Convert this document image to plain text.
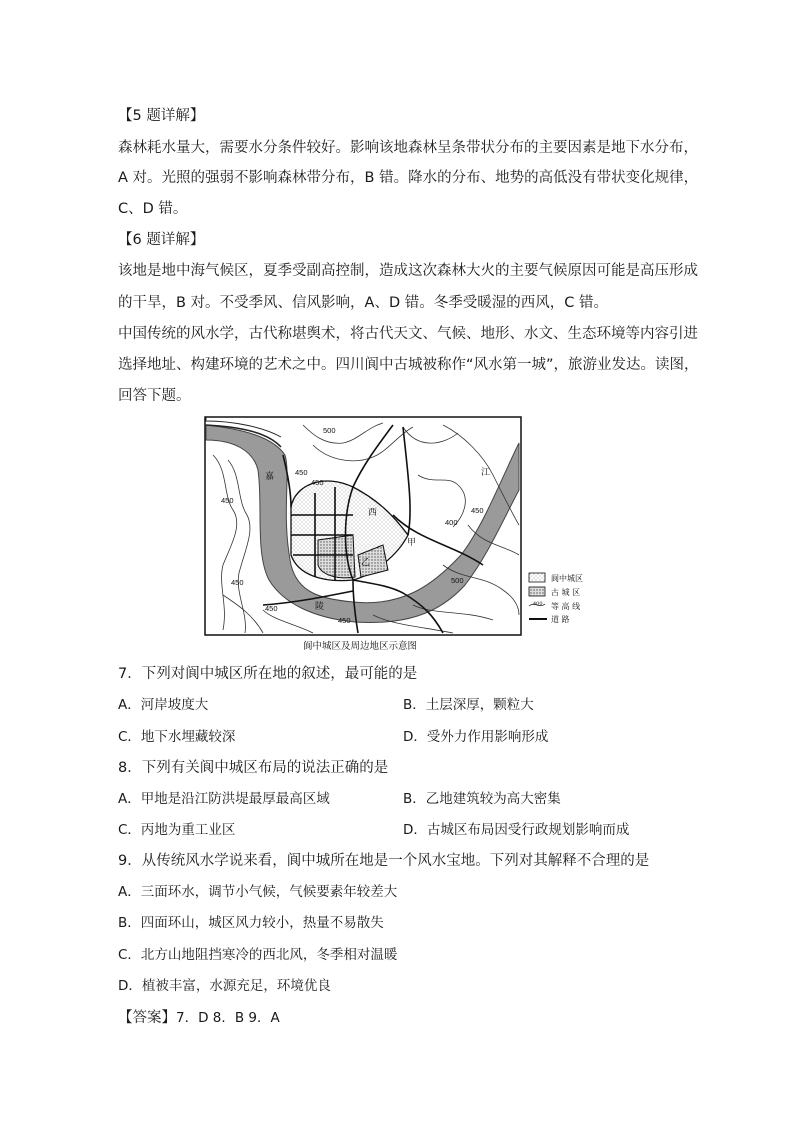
【5 题详解】
森林耗水量大，需要水分条件较好。影响该地森林呈条带状分布的主要因素是地下水分布，
A 对。光照的强弱不影响森林带分布，B 错。降水的分布、地势的高低没有带状变化规律，
C、D 错。
【6 题详解】
该地是地中海气候区，夏季受副高控制，造成这次森林大火的主要气候原因可能是高压形成
的干旱，B 对。不受季风、信风影响，A、D 错。冬季受暖湿的西风，C 错。
中国传统的风水学，古代称堪舆术，将古代天文、气候、地形、水文、生态环境等内容引进
选择地址、构建环境的艺术之中。四川阆中古城被称作“风水第一城”，旅游业发达。读图，
回答下题。
500
450
450
450
450
400
450
500
450
450
嘉
陵
江
西
甲
乙
阆中城区
古 城 区
400 等 高 线
道 路
阆中城区及周边地区示意图
7．下列对阆中城区所在地的叙述，最可能的是
A．河岸坡度大	B．土层深厚，颗粒大
C．地下水埋藏较深	D．受外力作用影响形成
8．下列有关阆中城区布局的说法正确的是
A．甲地是沿江防洪堤最厚最高区域	B．乙地建筑较为高大密集
C．丙地为重工业区	D．古城区布局因受行政规划影响而成
9．从传统风水学说来看，阆中城所在地是一个风水宝地。下列对其解释不合理的是
A．三面环水，调节小气候，气候要素年较差大
B．四面环山，城区风力较小，热量不易散失
C．北方山地阻挡寒冷的西北风，冬季相对温暖
D．植被丰富，水源充足，环境优良
【答案】7．D 8．B 9．A
